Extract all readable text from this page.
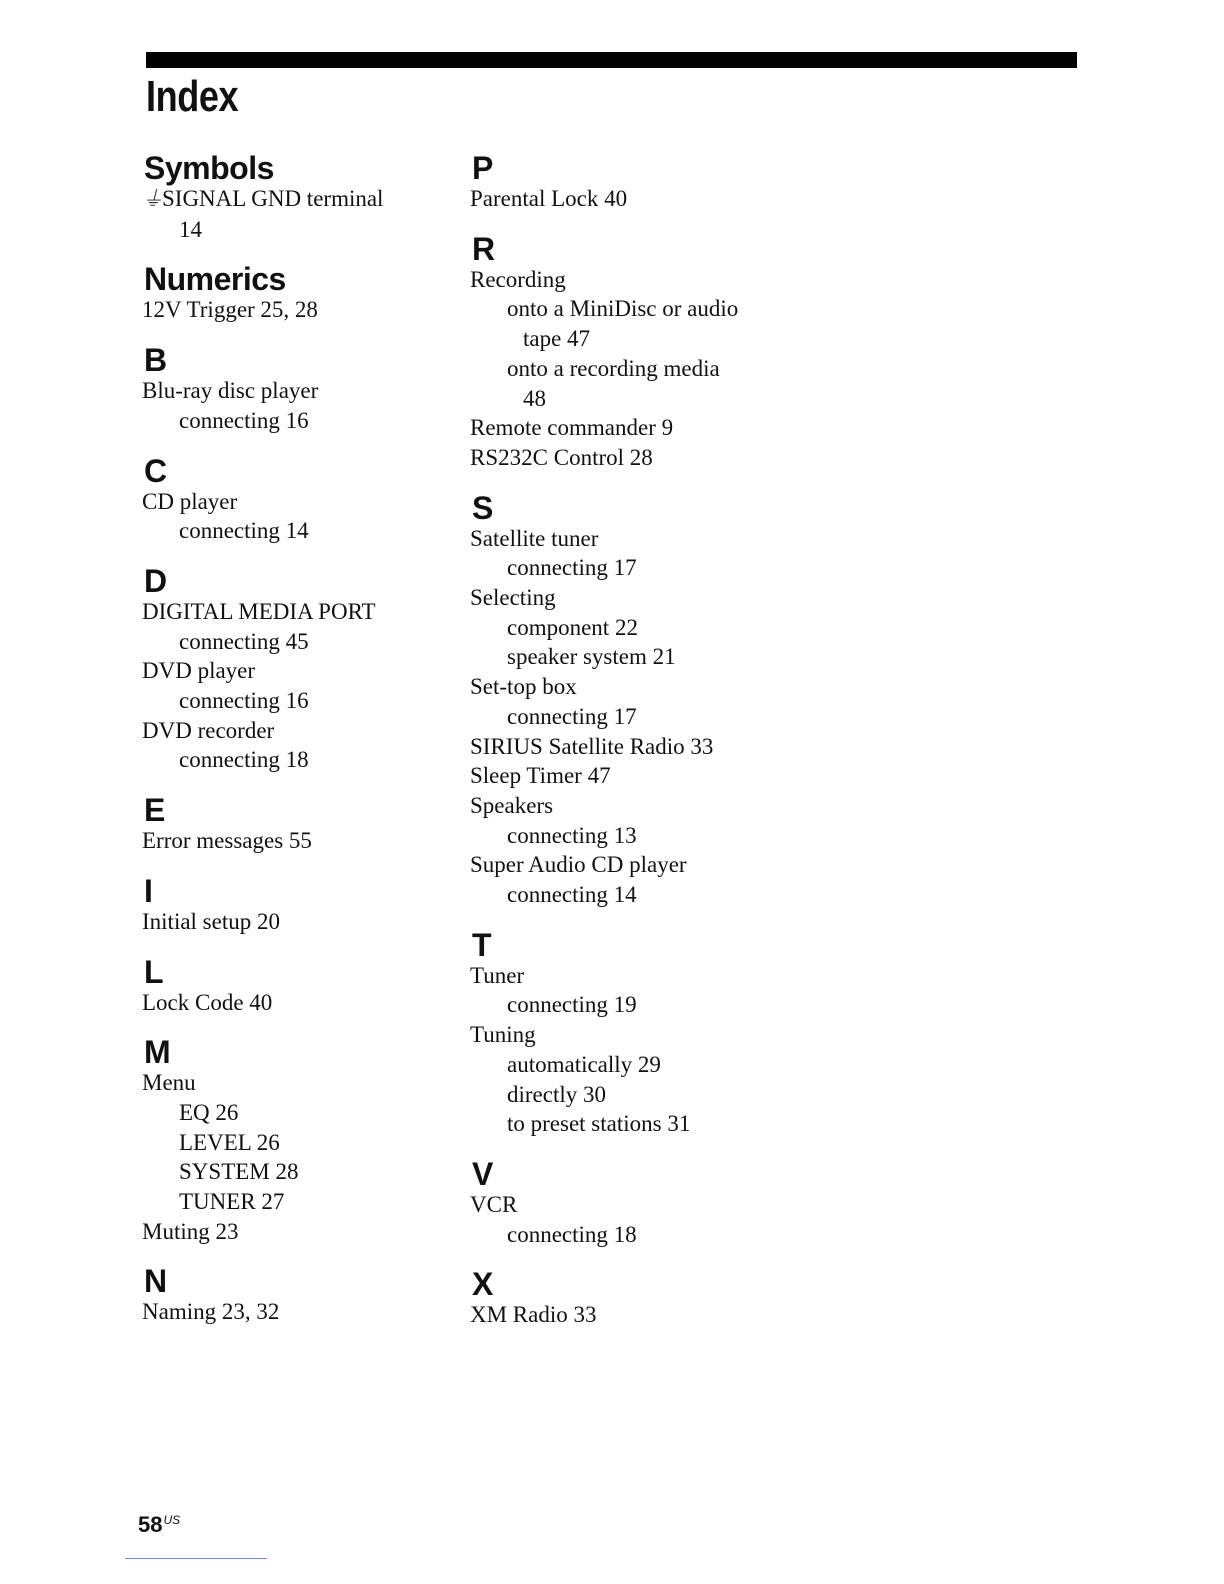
Index
Symbols
⏚SIGNAL GND terminal
14
Numerics
12V Trigger 25, 28
B
Blu-ray disc player
connecting 16
C
CD player
connecting 14
D
DIGITAL MEDIA PORT
connecting 45
DVD player
connecting 16
DVD recorder
connecting 18
E
Error messages 55
I
Initial setup 20
L
Lock Code 40
M
Menu
EQ 26
LEVEL 26
SYSTEM 28
TUNER 27
Muting 23
N
Naming 23, 32
P
Parental Lock 40
R
Recording
onto a MiniDisc or audio
tape 47
onto a recording media
48
Remote commander 9
RS232C Control 28
S
Satellite tuner
connecting 17
Selecting
component 22
speaker system 21
Set-top box
connecting 17
SIRIUS Satellite Radio 33
Sleep Timer 47
Speakers
connecting 13
Super Audio CD player
connecting 14
T
Tuner
connecting 19
Tuning
automatically 29
directly 30
to preset stations 31
V
VCR
connecting 18
X
XM Radio 33
$58^{US}$
